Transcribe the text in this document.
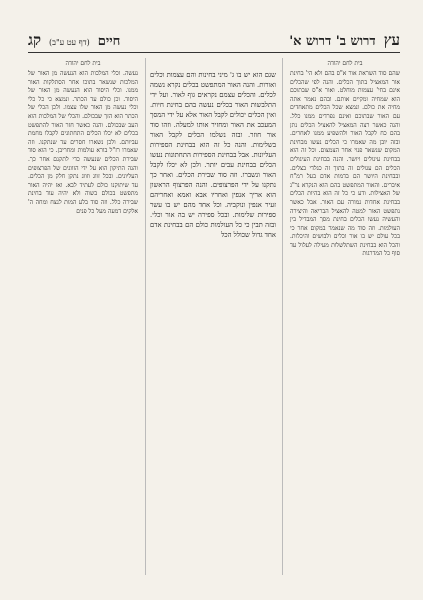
עץ
דרוש ב' דרוש א'
חיים
(דף עט ע"ב)
קג
בית לחם יהודה
בית לחם יהודה

שהם סוד השראת אור א"ס בהם ולא הי' בחינת אור המאציל בתוך הכלים. והנה לפי שהכלים אינם בחי' עצמות מוחלט. ואור א"ס שבתוכם הוא שמחיה ומקיים אותם. ובהם נאמר אתה מחיה את כולם. ונמצא שכל הכלים מתאחדים עם האור שבתוכם ואינם נפרדים ממנו כלל. והנה כאשר רצה המאציל להאציל הכלים נתן בהם כח לקבל האור ולהשפיע ממנו לאחרים. ובזה יובן מה שאמרו כי הכלים נעשו מבחינת המקום שנשאר פנוי אחר הצמצום. וכל זה הוא בבחינת עיגולים ויושר. והנה בבחינת העיגולים הכלים הם עגולים זה בתוך זה כגלדי בצלים. ובבחינת היושר הם בדמות אדם בעל רמ"ח איברים. והאור המתפשט בהם הוא הנקרא נר"נ של האצילות. ודע כי כל זה הוא בהיות הכלים בבחינת אחדות גמורה עם האור. אבל כאשר נתפשט האור למטה להאציל הבריאה והיצירה והעשיה נעשו הכלים בחינת מסך המבדיל בין העולמות. וזה סוד מה שנאמר במקום אחר כי בכל עולם יש בו אור וכלים ולבושים והיכלות. והכל הוא בבחינת השתלשלות מעילה לעלול עד סוף כל המדרגות

שגם הוא יש בו ג' מיני בחינות והם עצמות וכלים ואורות. והנה האור המתפשט בכלים נקרא נשמה לכלים. והכלים עצמם נקראים גוף לאור. ועל ידי התלבשות האור בכלים נעשה בהם בחינת חיות. ואין הכלים יכולים לקבל האור אלא על ידי המסך המעכב את האור ומחזיר אותו למעלה. וזהו סוד אור חוזר. ובזה נשלמו הכלים לקבל האור בשלימות. והנה כל זה הוא בבחינת הספירות העליונות. אבל בבחינת הספירות התחתונות נעשו הכלים בבחינת עבים יותר. ולכן לא יכלו לקבל האור ונשברו. וזה סוד שבירת הכלים. ואחר כך נתקנו על ידי הפרצופים. והנה הפרצוף הראשון הוא אריך אנפין ואחריו אבא ואמא ואחריהם זעיר אנפין ונוקביה. וכל אחד מהם יש בו עשר ספירות שלימות. ובכל ספירה יש בה אור וכלי. ובזה תבין כי כל העולמות כולם הם בבחינת אדם אחד גדול שכולל הכל

נעשה. וכלי המלכות הוא הנעשה מן האור של המלכות שנשאר בתוכו אחר הסתלקות האור ממנו. וכלי היסוד הוא הנעשה מן האור של היסוד. וכן כולם עד הכתר. ונמצא כי כל כלי וכלי נעשה מן האור שלו עצמו. ולכן הכלי של הכתר הוא הזך שבכולם. והכלי של המלכות הוא העב שבכולם. והנה כאשר חזר האור להתפשט בכלים לא יכלו הכלים התחתונים לקבלו מחמת עביותם. ולכן נשארו חסרים עד שנתקנו. וזה שאמרו רז"ל בורא עולמות ומחריבן. כי הוא סוד שבירת הכלים שנעשה כדי לתקנם אחר כך. והנה התיקון הוא על ידי הזווגים של הפרצופים העליונים. ובכל זווג וזווג נתקן חלק מן הכלים. עד שיתוקנו כולם לעתיד לבא. ואז יהיה האור מתפשט בכולם בשוה ולא יהיה עוד בחינת שבירה כלל. וזה סוד בלע המות לנצח ומחה ה' אלקים דמעה מעל כל פנים
